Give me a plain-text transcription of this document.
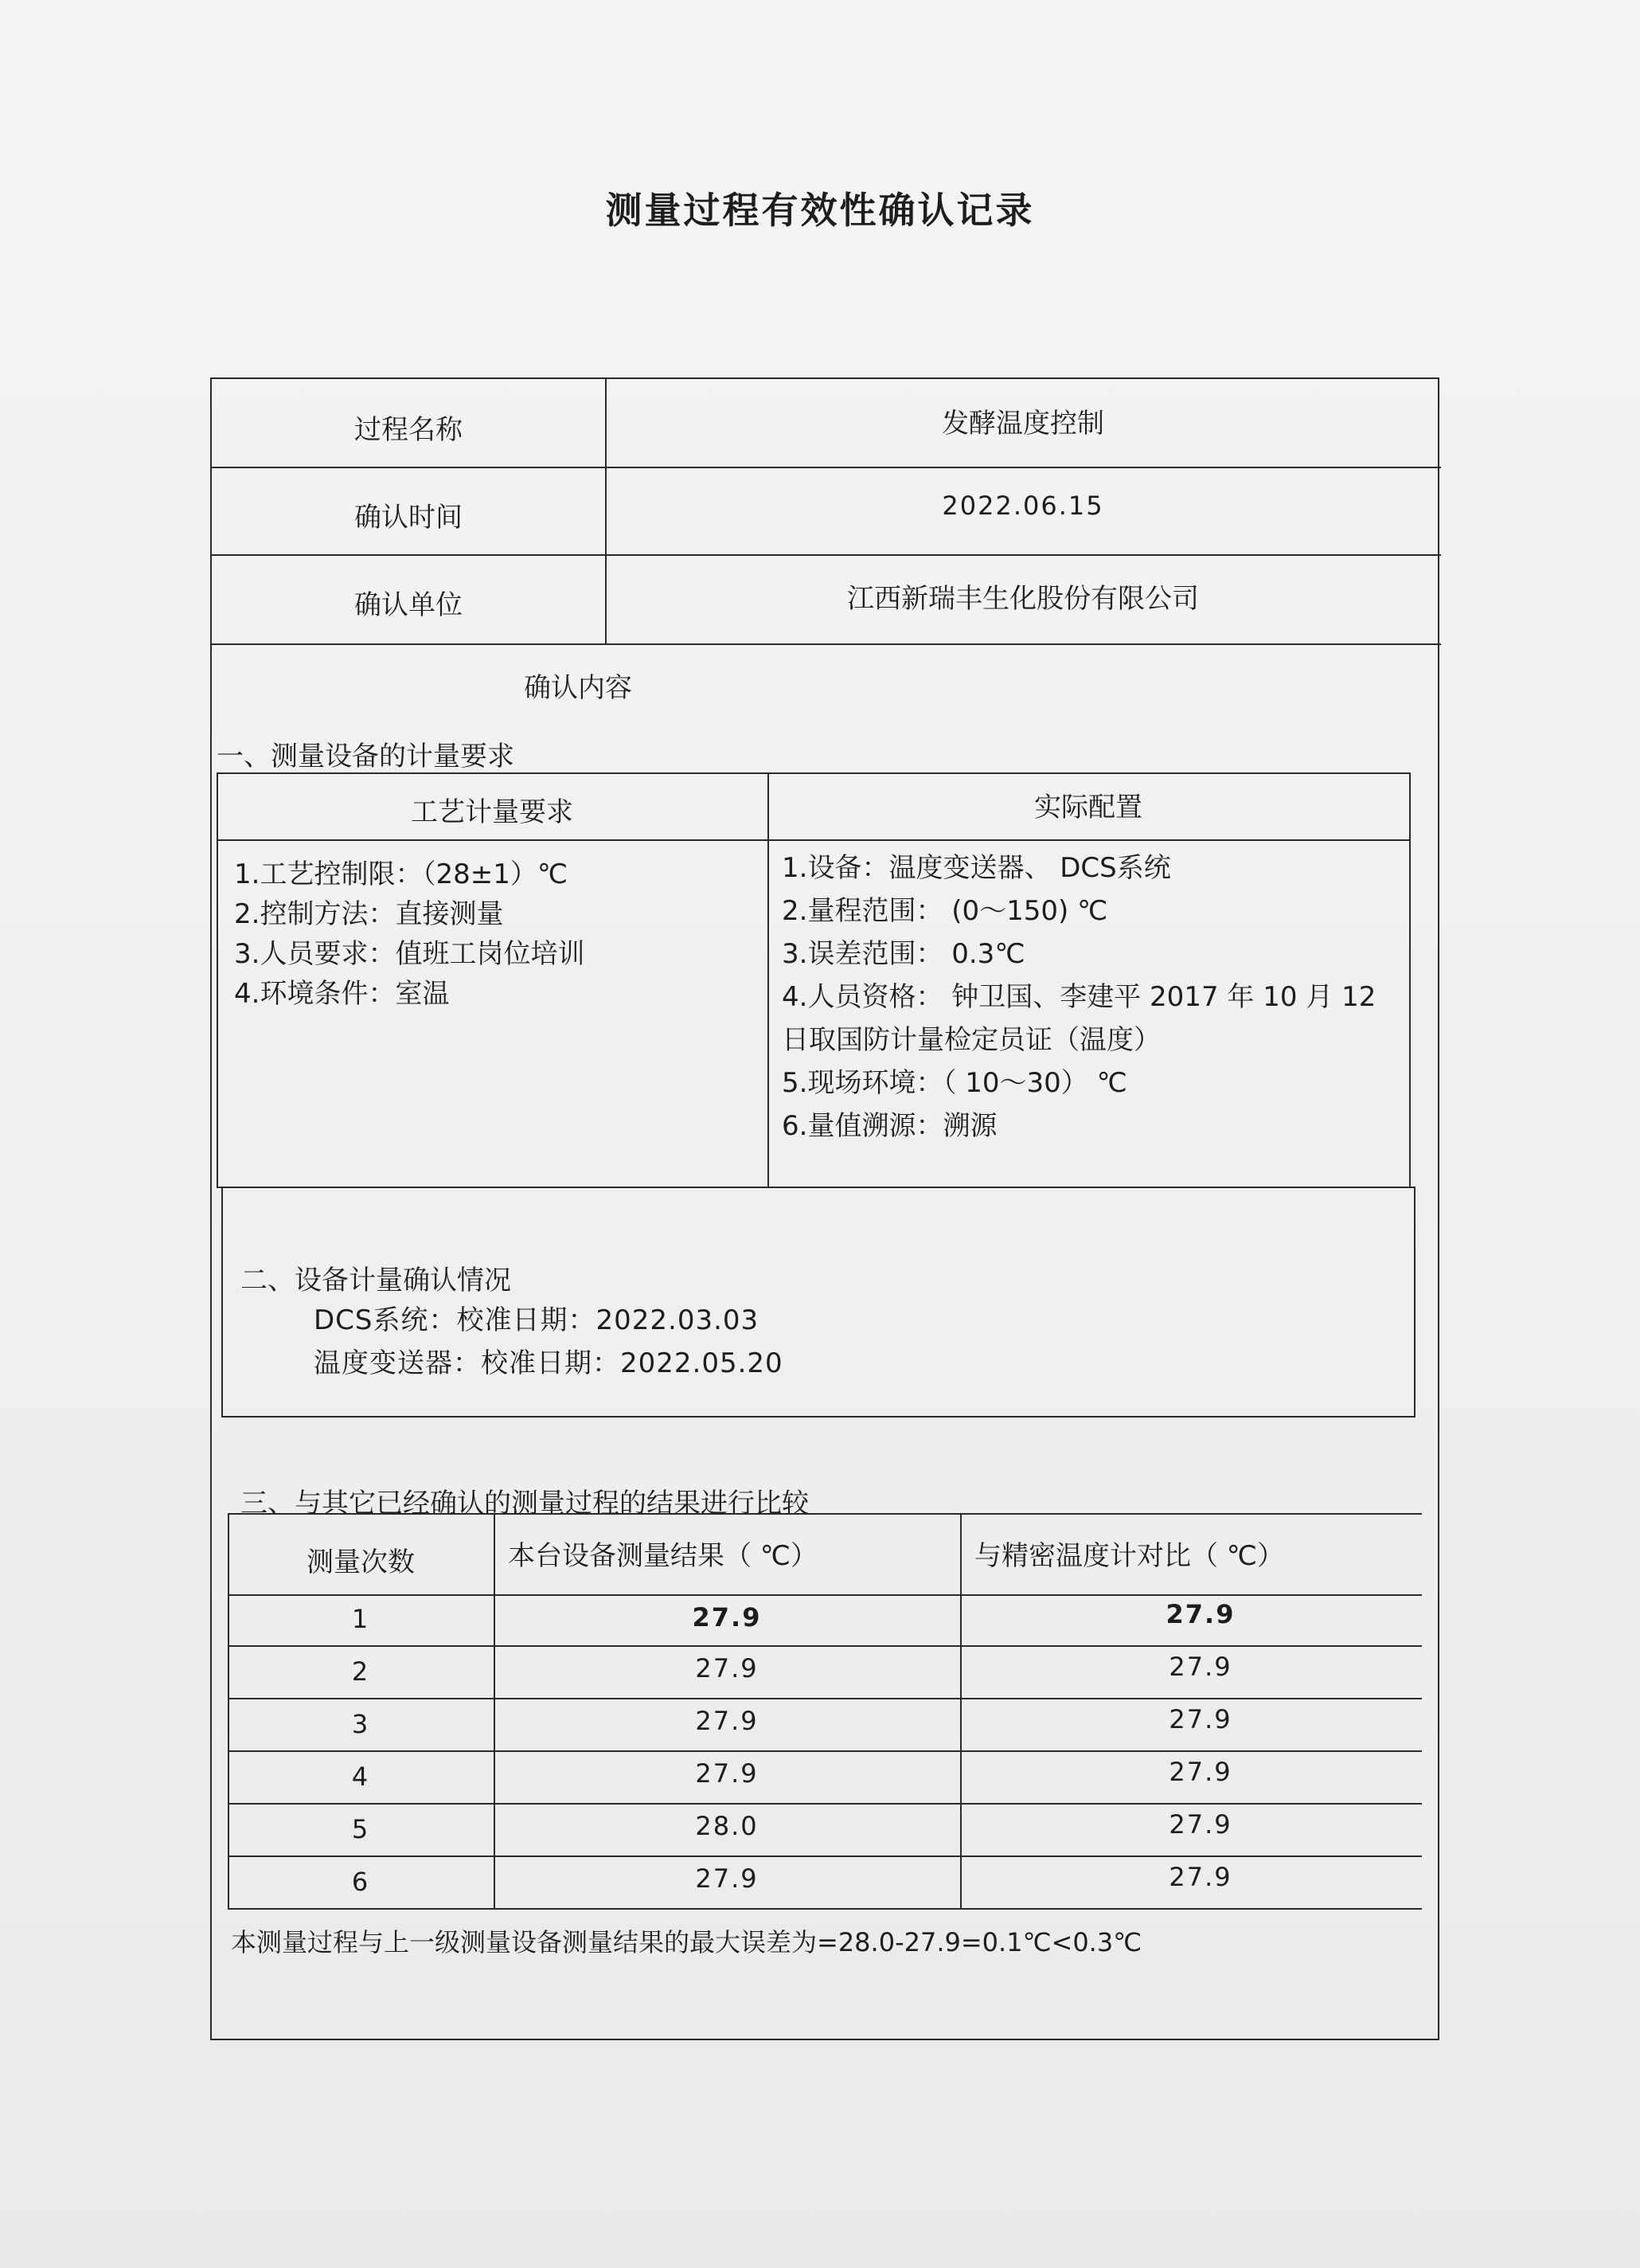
测量过程有效性确认记录
过程名称	发酵温度控制
确认时间	2022.06.15
确认单位	江西新瑞丰生化股份有限公司
确认内容
一、测量设备的计量要求
工艺计量要求	实际配置
1.工艺控制限：（28±1）℃
2.控制方法：直接测量
3.人员要求：值班工岗位培训
4.环境条件：室温
1.设备：温度变送器、 DCS系统
2.量程范围： (0～150) ℃
3.误差范围： 0.3℃
4.人员资格： 钟卫国、李建平 2017 年 10 月 12
日取国防计量检定员证（温度）
5.现场环境：（ 10～30） ℃
6.量值溯源：溯源
二、设备计量确认情况
DCS系统：校准日期：2022.03.03
温度变送器：校准日期：2022.05.20
三、与其它已经确认的测量过程的结果进行比较
测量次数	本台设备测量结果（ ℃）	与精密温度计对比（ ℃）
1	27.9	27.9
2	27.9	27.9
3	27.9	27.9
4	27.9	27.9
5	28.0	27.9
6	27.9	27.9
本测量过程与上一级测量设备测量结果的最大误差为=28.0-27.9=0.1℃<0.3℃
